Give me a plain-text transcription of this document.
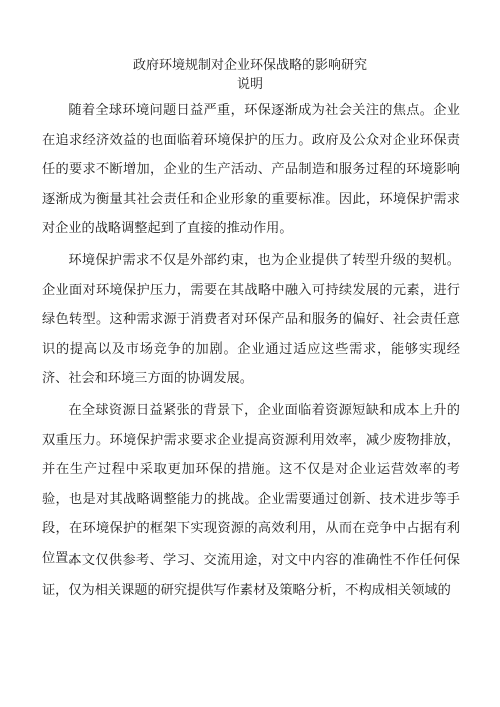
政府环境规制对企业环保战略的影响研究
说明

随着全球环境问题日益严重，环保逐渐成为社会关注的焦点。企业在追求经济效益的也面临着环境保护的压力。政府及公众对企业环保责任的要求不断增加，企业的生产活动、产品制造和服务过程的环境影响逐渐成为衡量其社会责任和企业形象的重要标准。因此，环境保护需求对企业的战略调整起到了直接的推动作用。

环境保护需求不仅是外部约束，也为企业提供了转型升级的契机。企业面对环境保护压力，需要在其战略中融入可持续发展的元素，进行绿色转型。这种需求源于消费者对环保产品和服务的偏好、社会责任意识的提高以及市场竞争的加剧。企业通过适应这些需求，能够实现经济、社会和环境三方面的协调发展。

在全球资源日益紧张的背景下，企业面临着资源短缺和成本上升的双重压力。环境保护需求要求企业提高资源利用效率，减少废物排放，并在生产过程中采取更加环保的措施。这不仅是对企业运营效率的考验，也是对其战略调整能力的挑战。企业需要通过创新、技术进步等手段，在环境保护的框架下实现资源的高效利用，从而在竞争中占据有利位置。

本文仅供参考、学习、交流用途，对文中内容的准确性不作任何保证，仅为相关课题的研究提供写作素材及策略分析，不构成相关领域的
